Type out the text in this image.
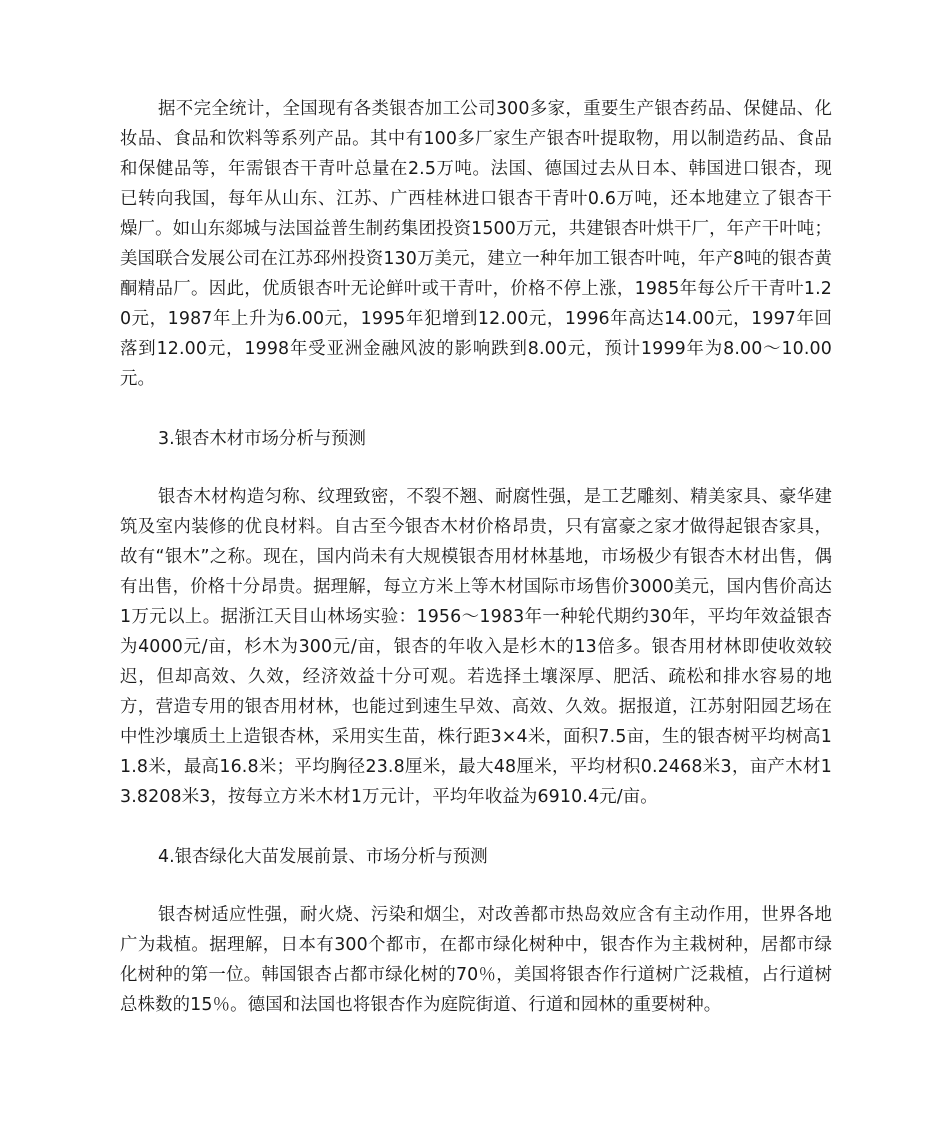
据不完全统计，全国现有各类银杏加工公司300多家，重要生产银杏药品、保健品、化妆品、食品和饮料等系列产品。其中有100多厂家生产银杏叶提取物，用以制造药品、食品和保健品等，年需银杏干青叶总量在2.5万吨。法国、德国过去从日本、韩国进口银杏，现已转向我国，每年从山东、江苏、广西桂林进口银杏干青叶0.6万吨，还本地建立了银杏干燥厂。如山东郯城与法国益普生制药集团投资1500万元，共建银杏叶烘干厂，年产干叶吨；美国联合发展公司在江苏邳州投资130万美元，建立一种年加工银杏叶吨，年产8吨的银杏黄酮精品厂。因此，优质银杏叶无论鲜叶或干青叶，价格不停上涨，1985年每公斤干青叶1.20元，1987年上升为6.00元，1995年犯增到12.00元，1996年高达14.00元，1997年回落到12.00元，1998年受亚洲金融风波的影响跌到8.00元，预计1999年为8.00～10.00元。

3.银杏木材市场分析与预测

银杏木材构造匀称、纹理致密，不裂不翘、耐腐性强，是工艺雕刻、精美家具、豪华建筑及室内装修的优良材料。自古至今银杏木材价格昂贵，只有富豪之家才做得起银杏家具，故有“银木”之称。现在，国内尚未有大规模银杏用材林基地，市场极少有银杏木材出售，偶有出售，价格十分昂贵。据理解，每立方米上等木材国际市场售价3000美元，国内售价高达1万元以上。据浙江天目山林场实验：1956～1983年一种轮代期约30年，平均年效益银杏为4000元/亩，杉木为300元/亩，银杏的年收入是杉木的13倍多。银杏用材林即使收效较迟，但却高效、久效，经济效益十分可观。若选择土壤深厚、肥活、疏松和排水容易的地方，营造专用的银杏用材林，也能过到速生早效、高效、久效。据报道，江苏射阳园艺场在中性沙壤质土上造银杏林，采用实生苗，株行距3×4米，面积7.5亩，生的银杏树平均树高11.8米，最高16.8米；平均胸径23.8厘米，最大48厘米，平均材积0.2468米3，亩产木材13.8208米3，按每立方米木材1万元计，平均年收益为6910.4元/亩。

4.银杏绿化大苗发展前景、市场分析与预测

银杏树适应性强，耐火烧、污染和烟尘，对改善都市热岛效应含有主动作用，世界各地广为栽植。据理解，日本有300个都市，在都市绿化树种中，银杏作为主栽树种，居都市绿化树种的第一位。韩国银杏占都市绿化树的70％，美国将银杏作行道树广泛栽植，占行道树总株数的15％。德国和法国也将银杏作为庭院街道、行道和园林的重要树种。
